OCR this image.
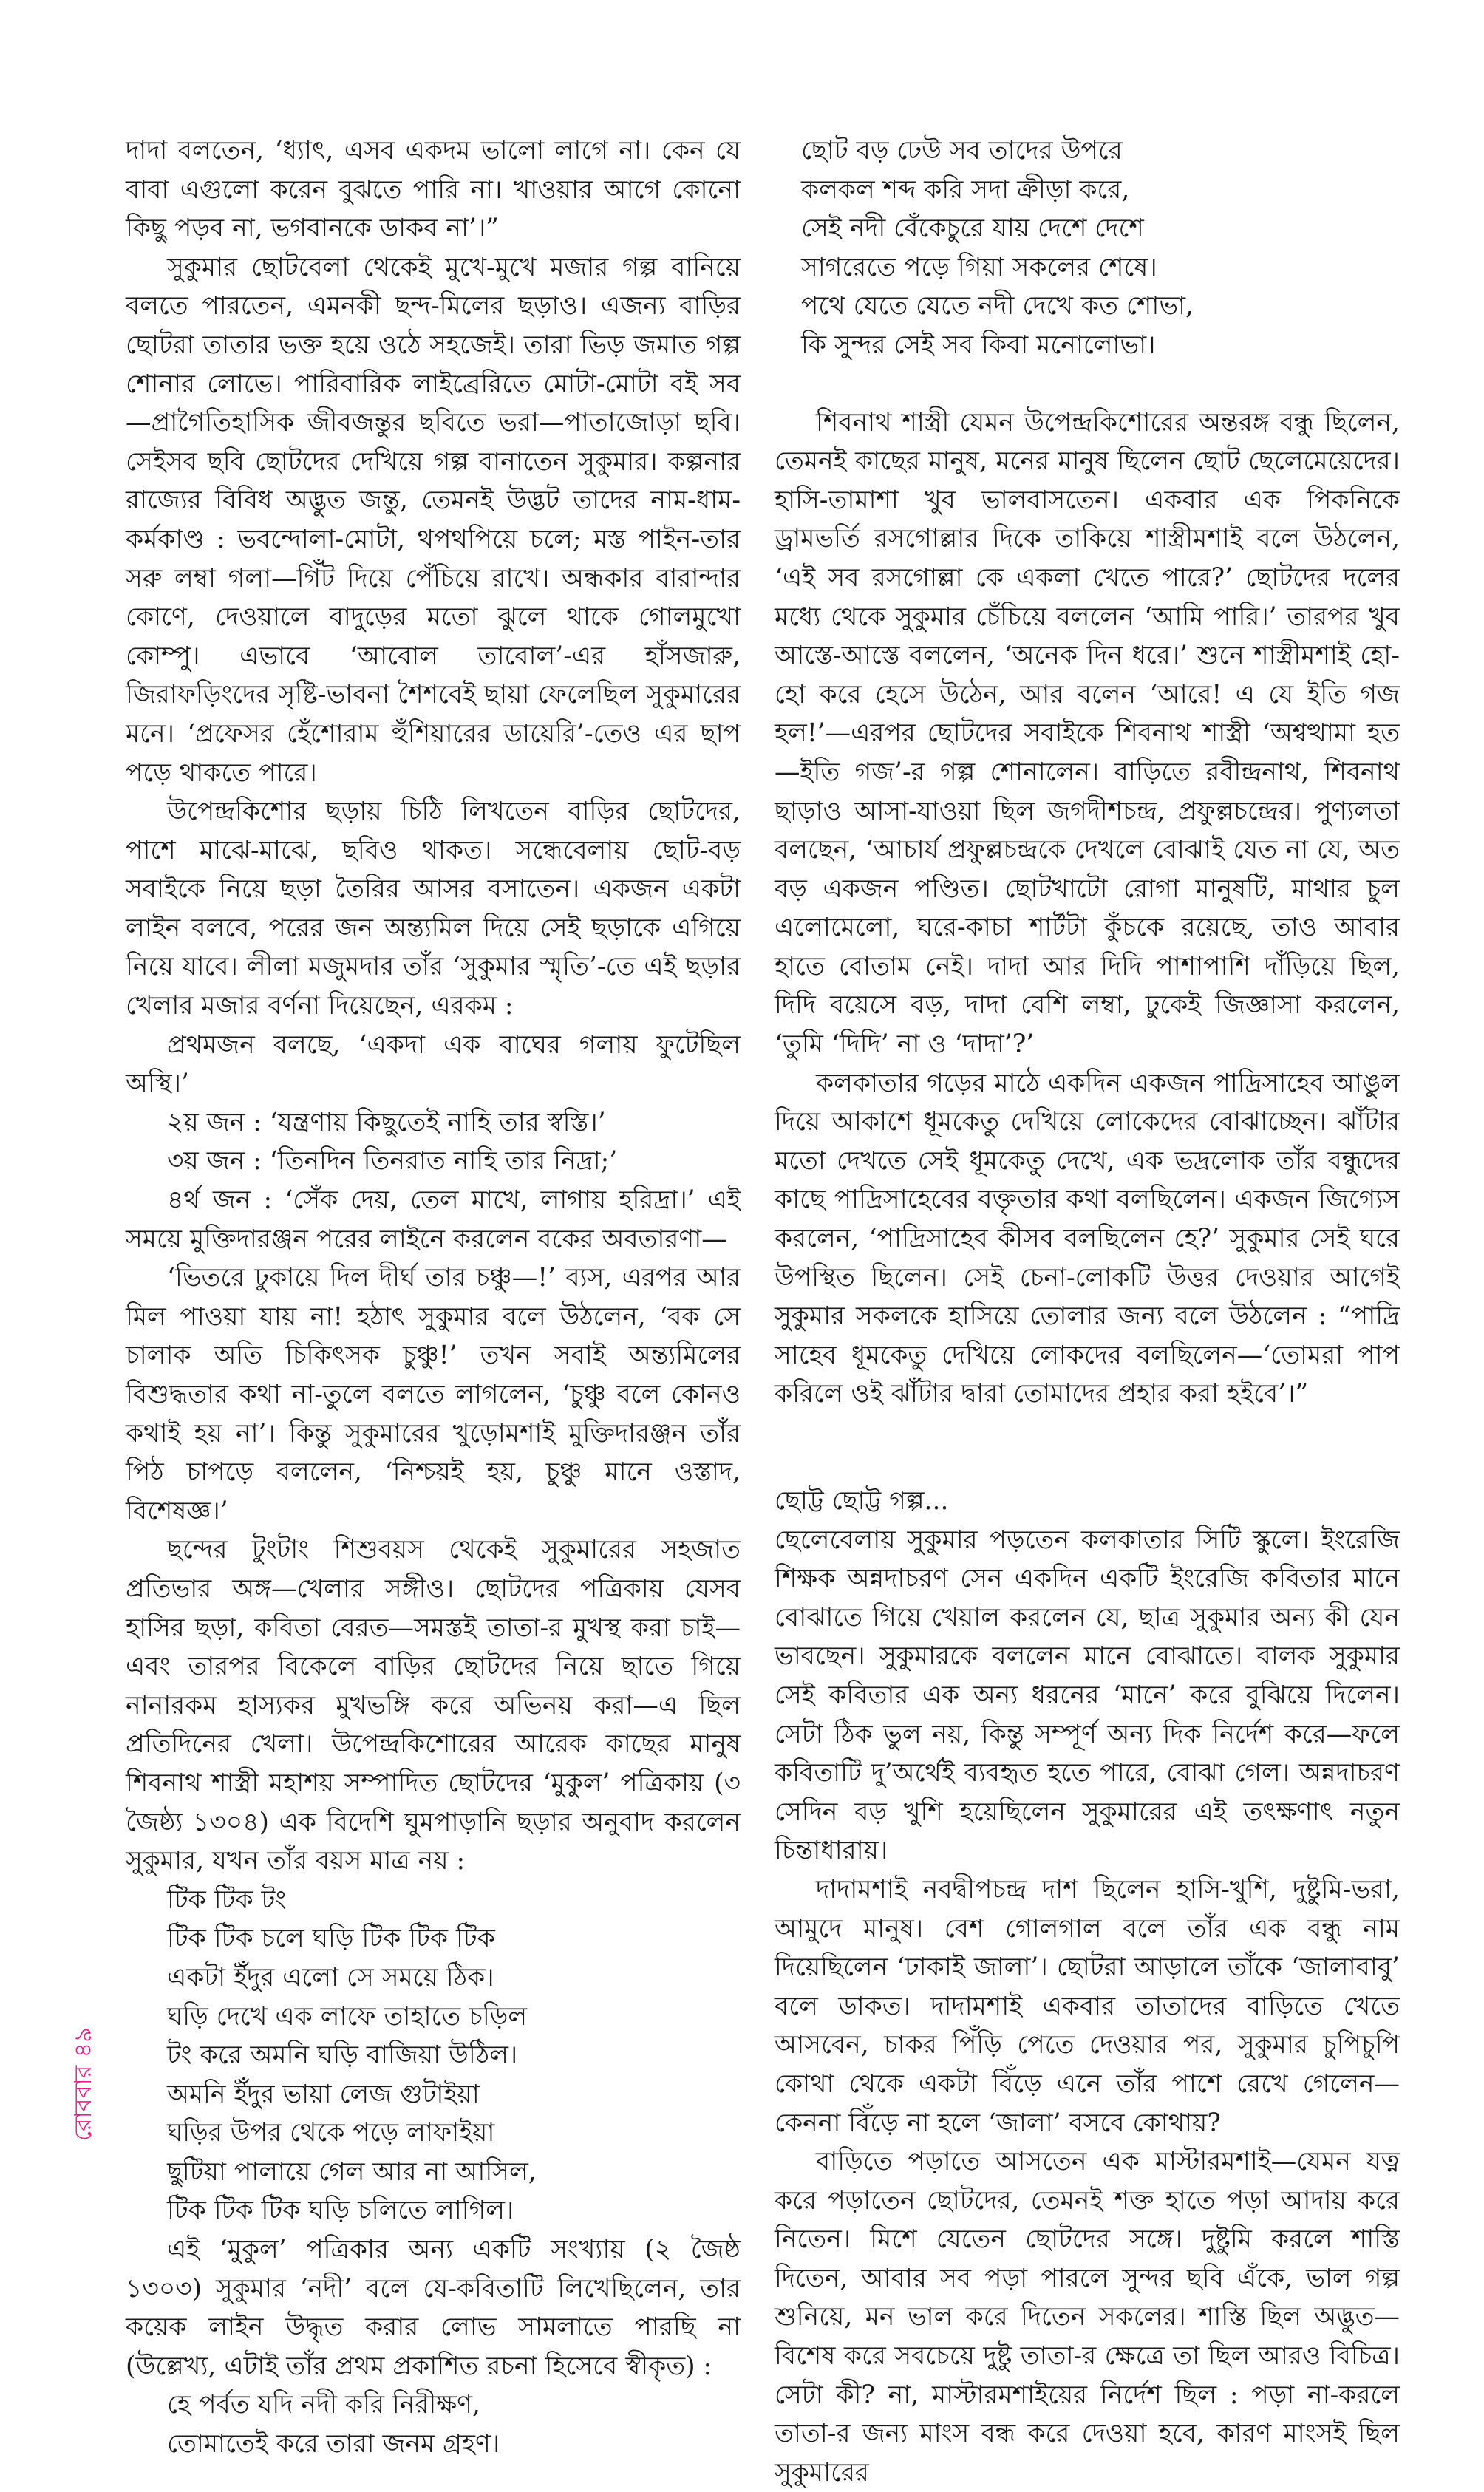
দাদা বলতেন, ‘ধ্যাৎ, এসব একদম ভালো লাগে না। কেন যে বাবা এগুলো করেন বুঝতে পারি না। খাওয়ার আগে কোনো কিছু পড়ব না, ভগবানকে ডাকব না’।”

সুকুমার ছোটবেলা থেকেই মুখে-মুখে মজার গল্প বানিয়ে বলতে পারতেন, এমনকী ছন্দ-মিলের ছড়াও। এজন্য বাড়ির ছোটরা তাতার ভক্ত হয়ে ওঠে সহজেই। তারা ভিড় জমাত গল্প শোনার লোভে। পারিবারিক লাইব্রেরিতে মোটা-মোটা বই সব—প্রাগৈতিহাসিক জীবজন্তুর ছবিতে ভরা—পাতাজোড়া ছবি। সেইসব ছবি ছোটদের দেখিয়ে গল্প বানাতেন সুকুমার। কল্পনার রাজ্যের বিবিধ অদ্ভুত জন্তু, তেমনই উদ্ভট তাদের নাম-ধাম-কর্মকাণ্ড : ভবন্দোলা-মোটা, থপথপিয়ে চলে; মস্ত পাইন-তার সরু লম্বা গলা—গিঁট দিয়ে পেঁচিয়ে রাখে। অন্ধকার বারান্দার কোণে, দেওয়ালে বাদুড়ের মতো ঝুলে থাকে গোলমুখো কোম্পু। এভাবে ‘আবোল তাবোল’-এর হাঁসজারু, জিরাফড়িংদের সৃষ্টি-ভাবনা শৈশবেই ছায়া ফেলেছিল সুকুমারের মনে। ‘প্রফেসর হেঁশোরাম হুঁশিয়ারের ডায়েরি’-তেও এর ছাপ পড়ে থাকতে পারে।

উপেন্দ্রকিশোর ছড়ায় চিঠি লিখতেন বাড়ির ছোটদের, পাশে মাঝে-মাঝে, ছবিও থাকত। সন্ধেবেলায় ছোট-বড় সবাইকে নিয়ে ছড়া তৈরির আসর বসাতেন। একজন একটা লাইন বলবে, পরের জন অন্ত্যমিল দিয়ে সেই ছড়াকে এগিয়ে নিয়ে যাবে। লীলা মজুমদার তাঁর ‘সুকুমার স্মৃতি’-তে এই ছড়ার খেলার মজার বর্ণনা দিয়েছেন, এরকম :

প্রথমজন বলছে, ‘একদা এক বাঘের গলায় ফুটেছিল অস্থি।’

২য় জন : ‘যন্ত্রণায় কিছুতেই নাহি তার স্বস্তি।’

৩য় জন : ‘তিনদিন তিনরাত নাহি তার নিদ্রা;’

৪র্থ জন : ‘সেঁক দেয়, তেল মাখে, লাগায় হরিদ্রা।’ এই সময়ে মুক্তিদারঞ্জন পরের লাইনে করলেন বকের অবতারণা—

‘ভিতরে ঢুকায়ে দিল দীর্ঘ তার চঞ্চু—!’ ব্যস, এরপর আর মিল পাওয়া যায় না! হঠাৎ সুকুমার বলে উঠলেন, ‘বক সে চালাক অতি চিকিৎসক চুঞ্চু!’ তখন সবাই অন্ত্যমিলের বিশুদ্ধতার কথা না-তুলে বলতে লাগলেন, ‘চুঞ্চু বলে কোনও কথাই হয় না’। কিন্তু সুকুমারের খুড়োমশাই মুক্তিদারঞ্জন তাঁর পিঠ চাপড়ে বললেন, ‘নিশ্চয়ই হয়, চুঞ্চু মানে ওস্তাদ, বিশেষজ্ঞ।’

ছন্দের টুংটাং শিশুবয়স থেকেই সুকুমারের সহজাত প্রতিভার অঙ্গ—খেলার সঙ্গীও। ছোটদের পত্রিকায় যেসব হাসির ছড়া, কবিতা বেরত—সমস্তই তাতা-র মুখস্থ করা চাই—এবং তারপর বিকেলে বাড়ির ছোটদের নিয়ে ছাতে গিয়ে নানারকম হাস্যকর মুখভঙ্গি করে অভিনয় করা—এ ছিল প্রতিদিনের খেলা। উপেন্দ্রকিশোরের আরেক কাছের মানুষ শিবনাথ শাস্ত্রী মহাশয় সম্পাদিত ছোটদের ‘মুকুল’ পত্রিকায় (৩ জৈষ্ঠ্য ১৩০৪) এক বিদেশি ঘুমপাড়ানি ছড়ার অনুবাদ করলেন সুকুমার, যখন তাঁর বয়স মাত্র নয় :

টিক টিক টং

টিক টিক চলে ঘড়ি টিক টিক টিক

একটা ইঁদুর এলো সে সময়ে ঠিক।

ঘড়ি দেখে এক লাফে তাহাতে চড়িল

টং করে অমনি ঘড়ি বাজিয়া উঠিল।

অমনি ইঁদুর ভায়া লেজ গুটাইয়া

ঘড়ির উপর থেকে পড়ে লাফাইয়া

ছুটিয়া পালায়ে গেল আর না আসিল,

টিক টিক টিক ঘড়ি চলিতে লাগিল।

এই ‘মুকুল’ পত্রিকার অন্য একটি সংখ্যায় (২ জৈষ্ঠ ১৩০৩) সুকুমার ‘নদী’ বলে যে-কবিতাটি লিখেছিলেন, তার কয়েক লাইন উদ্ধৃত করার লোভ সামলাতে পারছি না (উল্লেখ্য, এটাই তাঁর প্রথম প্রকাশিত রচনা হিসেবে স্বীকৃত) :

হে পর্বত যদি নদী করি নিরীক্ষণ,

তোমাতেই করে তারা জনম গ্রহণ।

ছোট বড় ঢেউ সব তাদের উপরে

কলকল শব্দ করি সদা ক্রীড়া করে,

সেই নদী বেঁকেচুরে যায় দেশে দেশে

সাগরেতে পড়ে গিয়া সকলের শেষে।

পথে যেতে যেতে নদী দেখে কত শোভা,

কি সুন্দর সেই সব কিবা মনোলোভা।

শিবনাথ শাস্ত্রী যেমন উপেন্দ্রকিশোরের অন্তরঙ্গ বন্ধু ছিলেন, তেমনই কাছের মানুষ, মনের মানুষ ছিলেন ছোট ছেলেমেয়েদের। হাসি-তামাশা খুব ভালবাসতেন। একবার এক পিকনিকে ড্রামভর্তি রসগোল্লার দিকে তাকিয়ে শাস্ত্রীমশাই বলে উঠলেন, ‘এই সব রসগোল্লা কে একলা খেতে পারে?’ ছোটদের দলের মধ্যে থেকে সুকুমার চেঁচিয়ে বললেন ‘আমি পারি।’ তারপর খুব আস্তে-আস্তে বললেন, ‘অনেক দিন ধরে।’ শুনে শাস্ত্রীমশাই হো-হো করে হেসে উঠেন, আর বলেন ‘আরে! এ যে ইতি গজ হল!’—এরপর ছোটদের সবাইকে শিবনাথ শাস্ত্রী ‘অশ্বত্থামা হত—ইতি গজ’-র গল্প শোনালেন। বাড়িতে রবীন্দ্রনাথ, শিবনাথ ছাড়াও আসা-যাওয়া ছিল জগদীশচন্দ্র, প্রফুল্লচন্দ্রের। পুণ্যলতা বলছেন, ‘আচার্য প্রফুল্লচন্দ্রকে দেখলে বোঝাই যেত না যে, অত বড় একজন পণ্ডিত। ছোটখাটো রোগা মানুষটি, মাথার চুল এলোমেলো, ঘরে-কাচা শার্টটা কুঁচকে রয়েছে, তাও আবার হাতে বোতাম নেই। দাদা আর দিদি পাশাপাশি দাঁড়িয়ে ছিল, দিদি বয়েসে বড়, দাদা বেশি লম্বা, ঢুকেই জিজ্ঞাসা করলেন, ‘তুমি ‘দিদি’ না ও ‘দাদা’?’

কলকাতার গড়ের মাঠে একদিন একজন পাদ্রিসাহেব আঙুল দিয়ে আকাশে ধূমকেতু দেখিয়ে লোকেদের বোঝাচ্ছেন। ঝাঁটার মতো দেখতে সেই ধূমকেতু দেখে, এক ভদ্রলোক তাঁর বন্ধুদের কাছে পাদ্রিসাহেবের বক্তৃতার কথা বলছিলেন। একজন জিগ্যেস করলেন, ‘পাদ্রিসাহেব কীসব বলছিলেন হে?’ সুকুমার সেই ঘরে উপস্থিত ছিলেন। সেই চেনা-লোকটি উত্তর দেওয়ার আগেই সুকুমার সকলকে হাসিয়ে তোলার জন্য বলে উঠলেন : “পাদ্রি সাহেব ধূমকেতু দেখিয়ে লোকদের বলছিলেন—‘তোমরা পাপ করিলে ওই ঝাঁটার দ্বারা তোমাদের প্রহার করা হইবে’।”

ছোট্ট ছোট্ট গল্প...

ছেলেবেলায় সুকুমার পড়তেন কলকাতার সিটি স্কুলে। ইংরেজি শিক্ষক অন্নদাচরণ সেন একদিন একটি ইংরেজি কবিতার মানে বোঝাতে গিয়ে খেয়াল করলেন যে, ছাত্র সুকুমার অন্য কী যেন ভাবছেন। সুকুমারকে বললেন মানে বোঝাতে। বালক সুকুমার সেই কবিতার এক অন্য ধরনের ‘মানে’ করে বুঝিয়ে দিলেন। সেটা ঠিক ভুল নয়, কিন্তু সম্পূর্ণ অন্য দিক নির্দেশ করে—ফলে কবিতাটি দু’অর্থেই ব্যবহৃত হতে পারে, বোঝা গেল। অন্নদাচরণ সেদিন বড় খুশি হয়েছিলেন সুকুমারের এই তৎক্ষণাৎ নতুন চিন্তাধারায়।

দাদামশাই নবদ্বীপচন্দ্র দাশ ছিলেন হাসি-খুশি, দুষ্টুমি-ভরা, আমুদে মানুষ। বেশ গোলগাল বলে তাঁর এক বন্ধু নাম দিয়েছিলেন ‘ঢাকাই জালা’। ছোটরা আড়ালে তাঁকে ‘জালাবাবু’ বলে ডাকত। দাদামশাই একবার তাতাদের বাড়িতে খেতে আসবেন, চাকর পিঁড়ি পেতে দেওয়ার পর, সুকুমার চুপিচুপি কোথা থেকে একটা বিঁড়ে এনে তাঁর পাশে রেখে গেলেন—কেননা বিঁড়ে না হলে ‘জালা’ বসবে কোথায়?

বাড়িতে পড়াতে আসতেন এক মাস্টারমশাই—যেমন যত্ন করে পড়াতেন ছোটদের, তেমনই শক্ত হাতে পড়া আদায় করে নিতেন। মিশে যেতেন ছোটদের সঙ্গে। দুষ্টুমি করলে শাস্তি দিতেন, আবার সব পড়া পারলে সুন্দর ছবি এঁকে, ভাল গল্প শুনিয়ে, মন ভাল করে দিতেন সকলের। শাস্তি ছিল অদ্ভুত—বিশেষ করে সবচেয়ে দুষ্টু তাতা-র ক্ষেত্রে তা ছিল আরও বিচিত্র। সেটা কী? না, মাস্টারমশাইয়ের নির্দেশ ছিল : পড়া না-করলে তাতা-র জন্য মাংস বন্ধ করে দেওয়া হবে, কারণ মাংসই ছিল সুকুমারের

রোববার ৪৯
